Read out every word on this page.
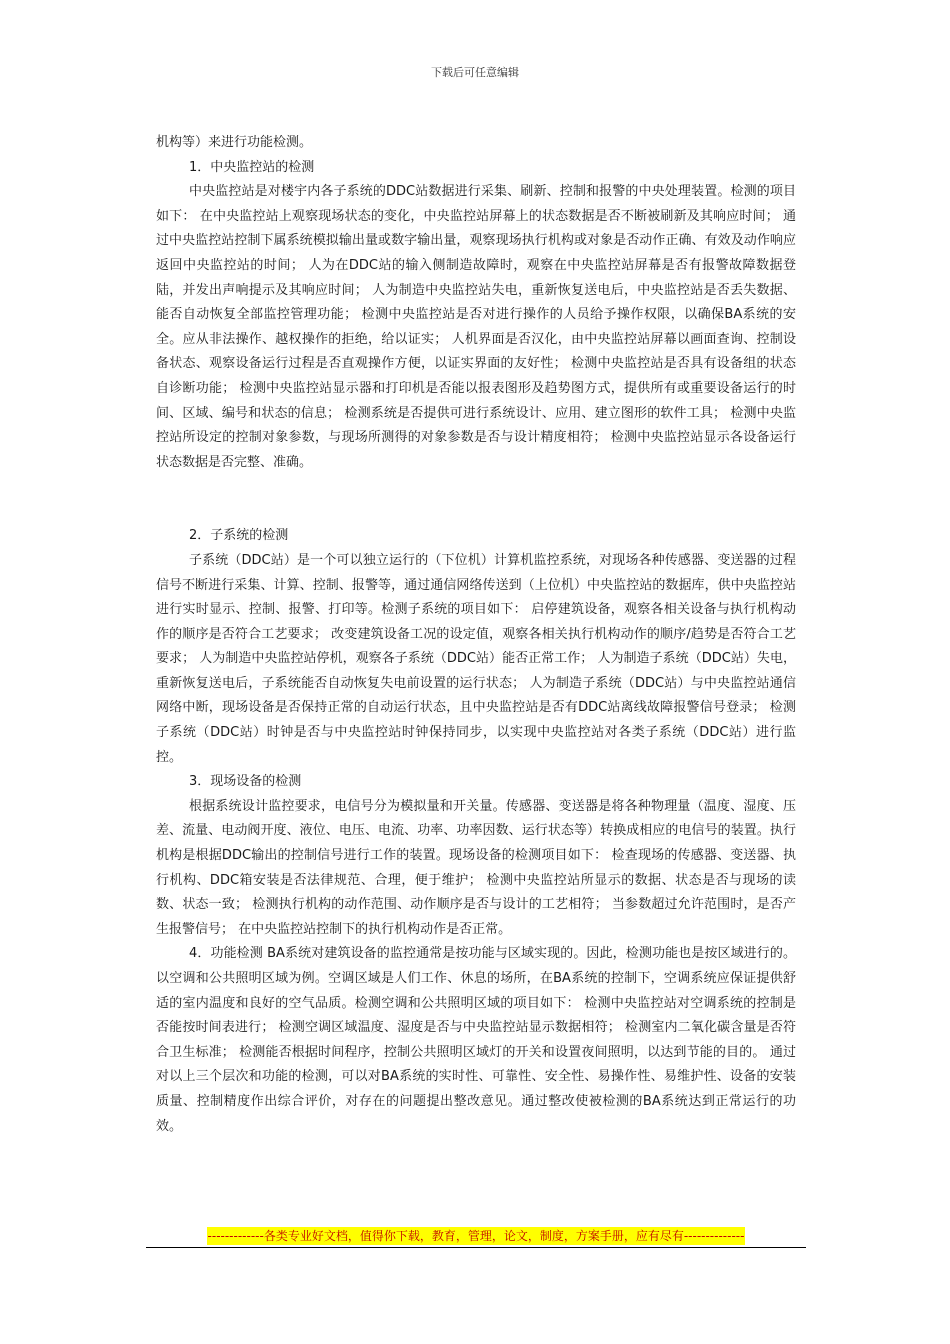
下载后可任意编辑

机构等）来进行功能检测。

1．中央监控站的检测

中央监控站是对楼宇内各子系统的DDC站数据进行采集、刷新、控制和报警的中央处理装置。检测的项目如下： 在中央监控站上观察现场状态的变化，中央监控站屏幕上的状态数据是否不断被刷新及其响应时间； 通过中央监控站控制下属系统模拟输出量或数字输出量，观察现场执行机构或对象是否动作正确、有效及动作响应返回中央监控站的时间； 人为在DDC站的输入侧制造故障时，观察在中央监控站屏幕是否有报警故障数据登陆，并发出声响提示及其响应时间； 人为制造中央监控站失电，重新恢复送电后，中央监控站是否丢失数据、能否自动恢复全部监控管理功能； 检测中央监控站是否对进行操作的人员给予操作权限，以确保BA系统的安全。应从非法操作、越权操作的拒绝，给以证实； 人机界面是否汉化，由中央监控站屏幕以画面查询、控制设备状态、观察设备运行过程是否直观操作方便，以证实界面的友好性； 检测中央监控站是否具有设备组的状态自诊断功能； 检测中央监控站显示器和打印机是否能以报表图形及趋势图方式，提供所有或重要设备运行的时间、区域、编号和状态的信息； 检测系统是否提供可进行系统设计、应用、建立图形的软件工具； 检测中央监控站所设定的控制对象参数，与现场所测得的对象参数是否与设计精度相符； 检测中央监控站显示各设备运行状态数据是否完整、准确。

2．子系统的检测

子系统（DDC站）是一个可以独立运行的（下位机）计算机监控系统，对现场各种传感器、变送器的过程信号不断进行采集、计算、控制、报警等，通过通信网络传送到（上位机）中央监控站的数据库，供中央监控站进行实时显示、控制、报警、打印等。检测子系统的项目如下： 启停建筑设备，观察各相关设备与执行机构动作的顺序是否符合工艺要求； 改变建筑设备工况的设定值，观察各相关执行机构动作的顺序/趋势是否符合工艺要求； 人为制造中央监控站停机，观察各子系统（DDC站）能否正常工作； 人为制造子系统（DDC站）失电，重新恢复送电后，子系统能否自动恢复失电前设置的运行状态； 人为制造子系统（DDC站）与中央监控站通信网络中断，现场设备是否保持正常的自动运行状态，且中央监控站是否有DDC站离线故障报警信号登录； 检测子系统（DDC站）时钟是否与中央监控站时钟保持同步，以实现中央监控站对各类子系统（DDC站）进行监控。

3．现场设备的检测

根据系统设计监控要求，电信号分为模拟量和开关量。传感器、变送器是将各种物理量（温度、湿度、压差、流量、电动阀开度、液位、电压、电流、功率、功率因数、运行状态等）转换成相应的电信号的装置。执行机构是根据DDC输出的控制信号进行工作的装置。现场设备的检测项目如下： 检查现场的传感器、变送器、执行机构、DDC箱安装是否法律规范、合理，便于维护； 检测中央监控站所显示的数据、状态是否与现场的读数、状态一致； 检测执行机构的动作范围、动作顺序是否与设计的工艺相符； 当参数超过允许范围时，是否产生报警信号； 在中央监控站控制下的执行机构动作是否正常。

4．功能检测 BA系统对建筑设备的监控通常是按功能与区域实现的。因此，检测功能也是按区域进行的。 以空调和公共照明区域为例。空调区域是人们工作、休息的场所，在BA系统的控制下，空调系统应保证提供舒适的室内温度和良好的空气品质。检测空调和公共照明区域的项目如下： 检测中央监控站对空调系统的控制是否能按时间表进行； 检测空调区域温度、湿度是否与中央监控站显示数据相符； 检测室内二氧化碳含量是否符合卫生标准； 检测能否根据时间程序，控制公共照明区域灯的开关和设置夜间照明，以达到节能的目的。 通过对以上三个层次和功能的检测，可以对BA系统的实时性、可靠性、安全性、易操作性、易维护性、设备的安装质量、控制精度作出综合评价，对存在的问题提出整改意见。通过整改使被检测的BA系统达到正常运行的功效。

-------------各类专业好文档，值得你下载，教育，管理，论文，制度，方案手册，应有尽有--------------
